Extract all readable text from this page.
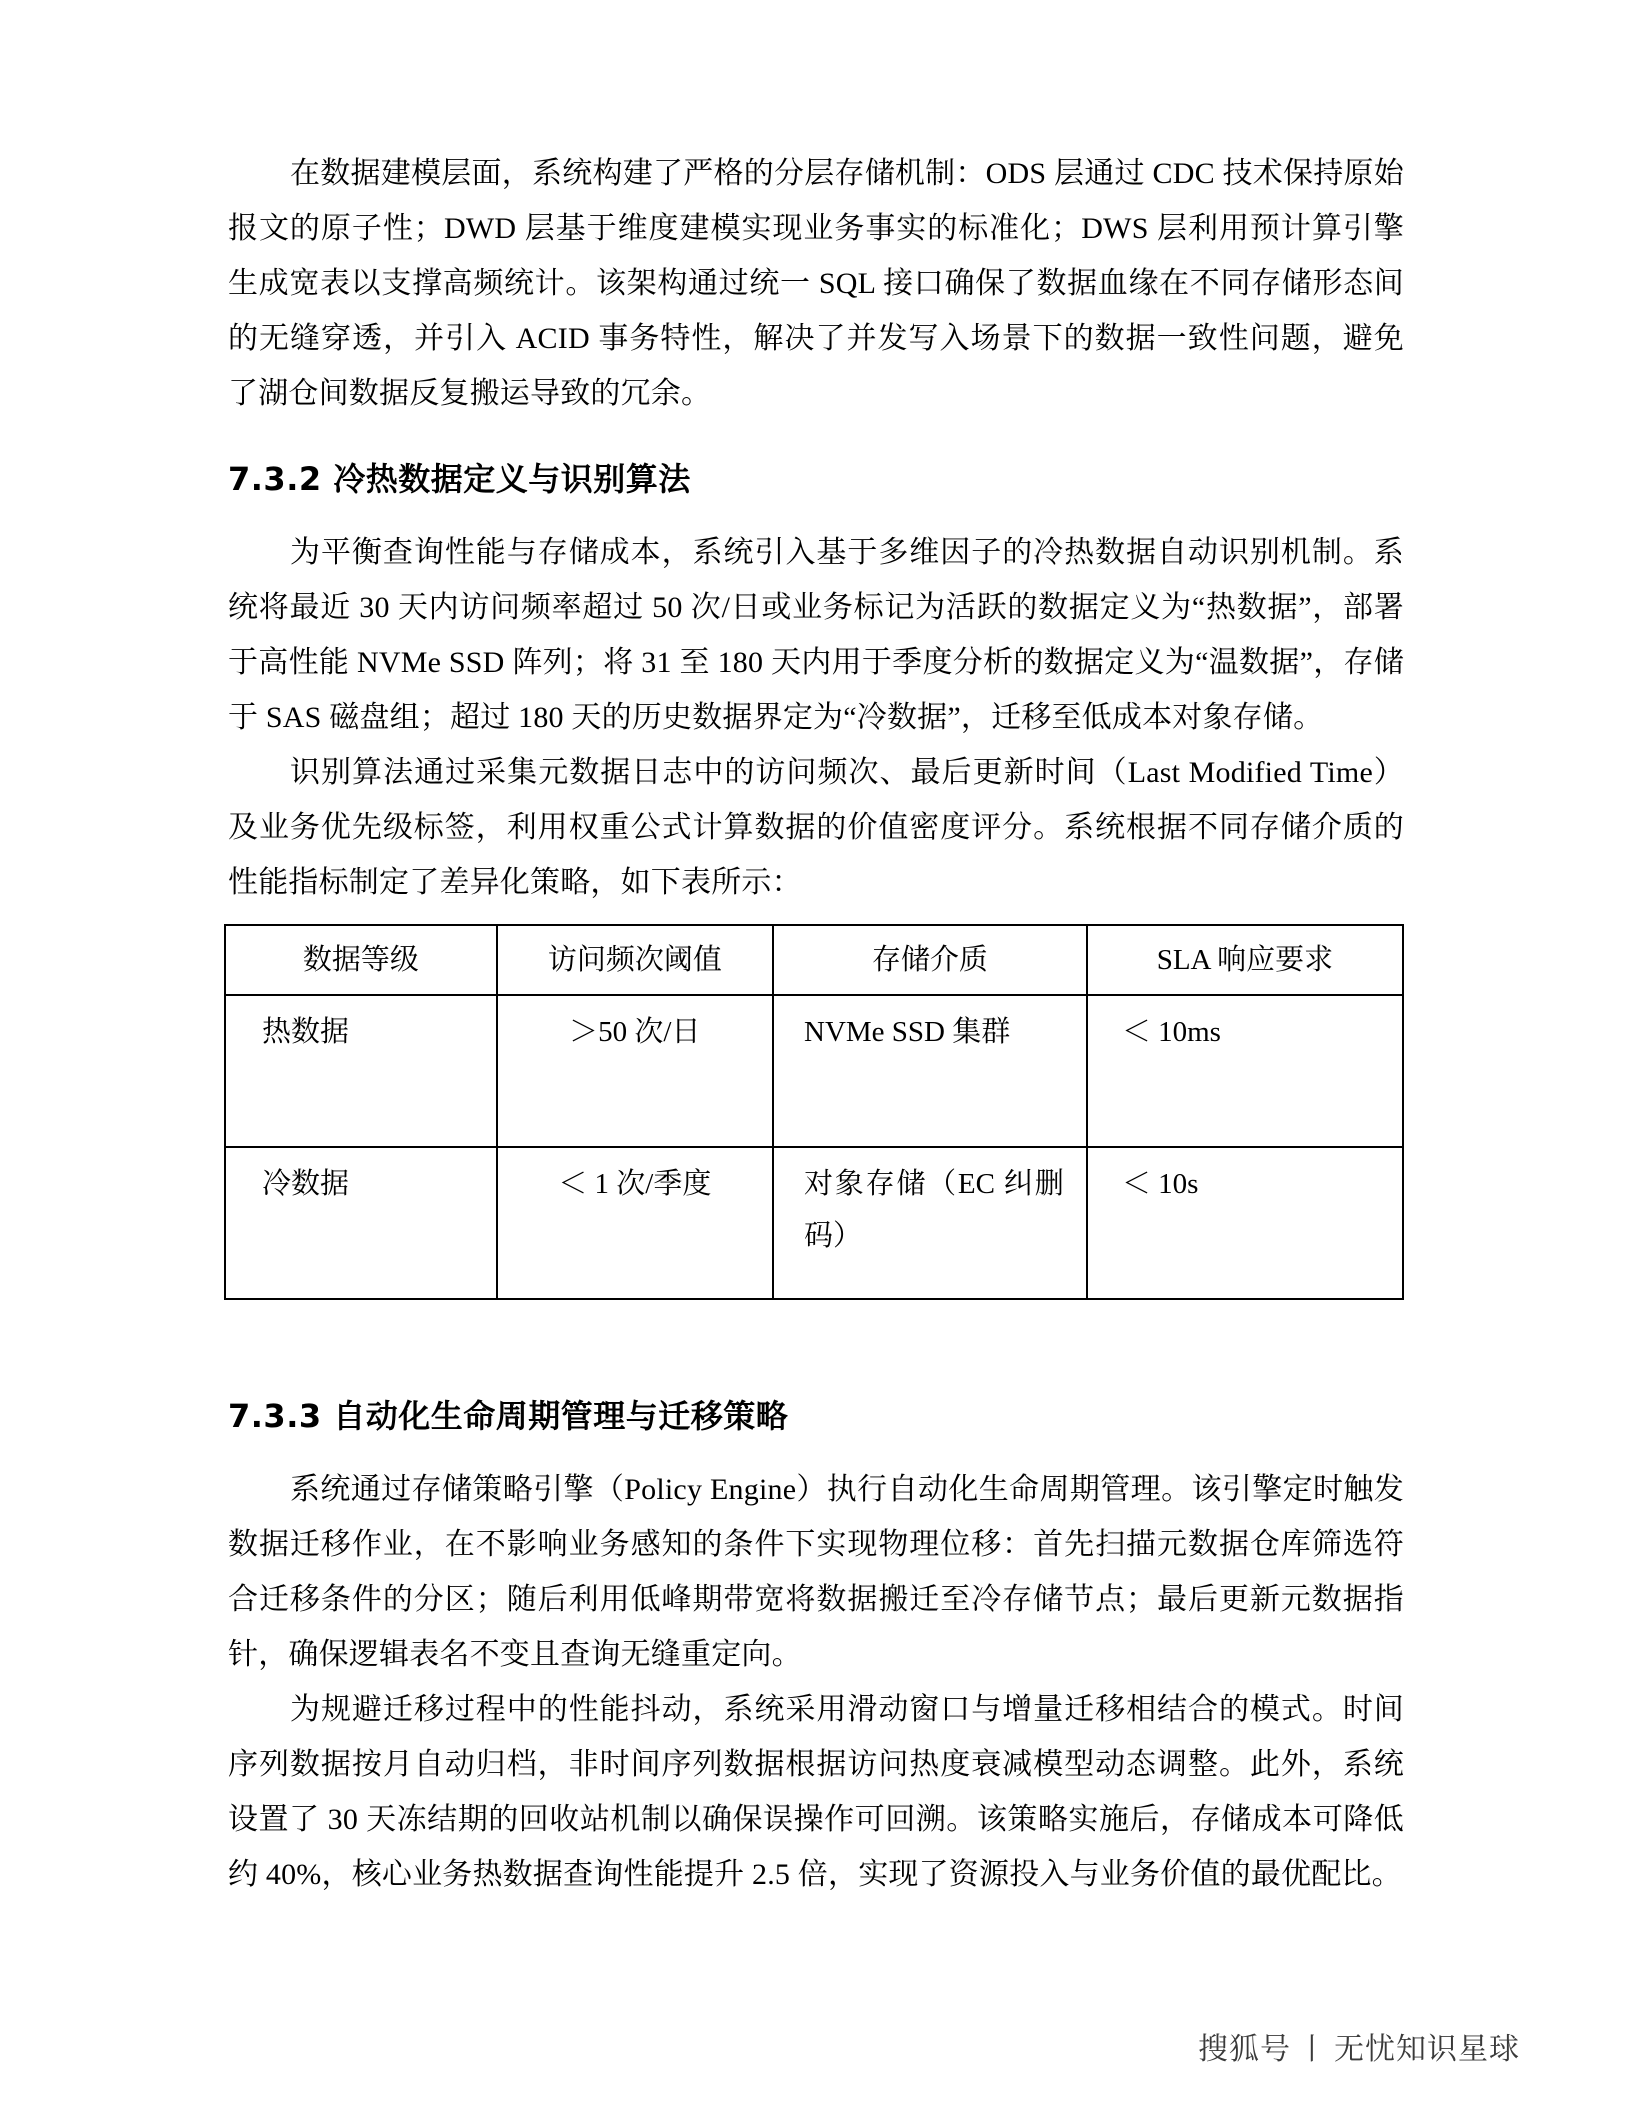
在数据建模层面，系统构建了严格的分层存储机制：ODS 层通过 CDC 技术保持原始报文的原子性；DWD 层基于维度建模实现业务事实的标准化；DWS 层利用预计算引擎生成宽表以支撑高频统计。该架构通过统一 SQL 接口确保了数据血缘在不同存储形态间的无缝穿透，并引入 ACID 事务特性，解决了并发写入场景下的数据一致性问题，避免了湖仓间数据反复搬运导致的冗余。

7.3.2 冷热数据定义与识别算法

为平衡查询性能与存储成本，系统引入基于多维因子的冷热数据自动识别机制。系统将最近 30 天内访问频率超过 50 次/日或业务标记为活跃的数据定义为“热数据”，部署于高性能 NVMe SSD 阵列；将 31 至 180 天内用于季度分析的数据定义为“温数据”，存储于 SAS 磁盘组；超过 180 天的历史数据界定为“冷数据”，迁移至低成本对象存储。

识别算法通过采集元数据日志中的访问频次、最后更新时间（Last Modified Time）及业务优先级标签，利用权重公式计算数据的价值密度评分。系统根据不同存储介质的性能指标制定了差异化策略，如下表所示：

数据等级	访问频次阈值	存储介质	SLA 响应要求
热数据	＞50 次/日	NVMe SSD 集群	＜ 10ms
冷数据	＜ 1 次/季度	对象存储（EC 纠删码）	＜ 10s
7.3.3 自动化生命周期管理与迁移策略

系统通过存储策略引擎（Policy Engine）执行自动化生命周期管理。该引擎定时触发数据迁移作业，在不影响业务感知的条件下实现物理位移：首先扫描元数据仓库筛选符合迁移条件的分区；随后利用低峰期带宽将数据搬迁至冷存储节点；最后更新元数据指针，确保逻辑表名不变且查询无缝重定向。

为规避迁移过程中的性能抖动，系统采用滑动窗口与增量迁移相结合的模式。时间序列数据按月自动归档，非时间序列数据根据访问热度衰减模型动态调整。此外，系统设置了 30 天冻结期的回收站机制以确保误操作可回溯。该策略实施后，存储成本可降低约 40%，核心业务热数据查询性能提升 2.5 倍，实现了资源投入与业务价值的最优配比。

搜狐号 丨 无忧知识星球
